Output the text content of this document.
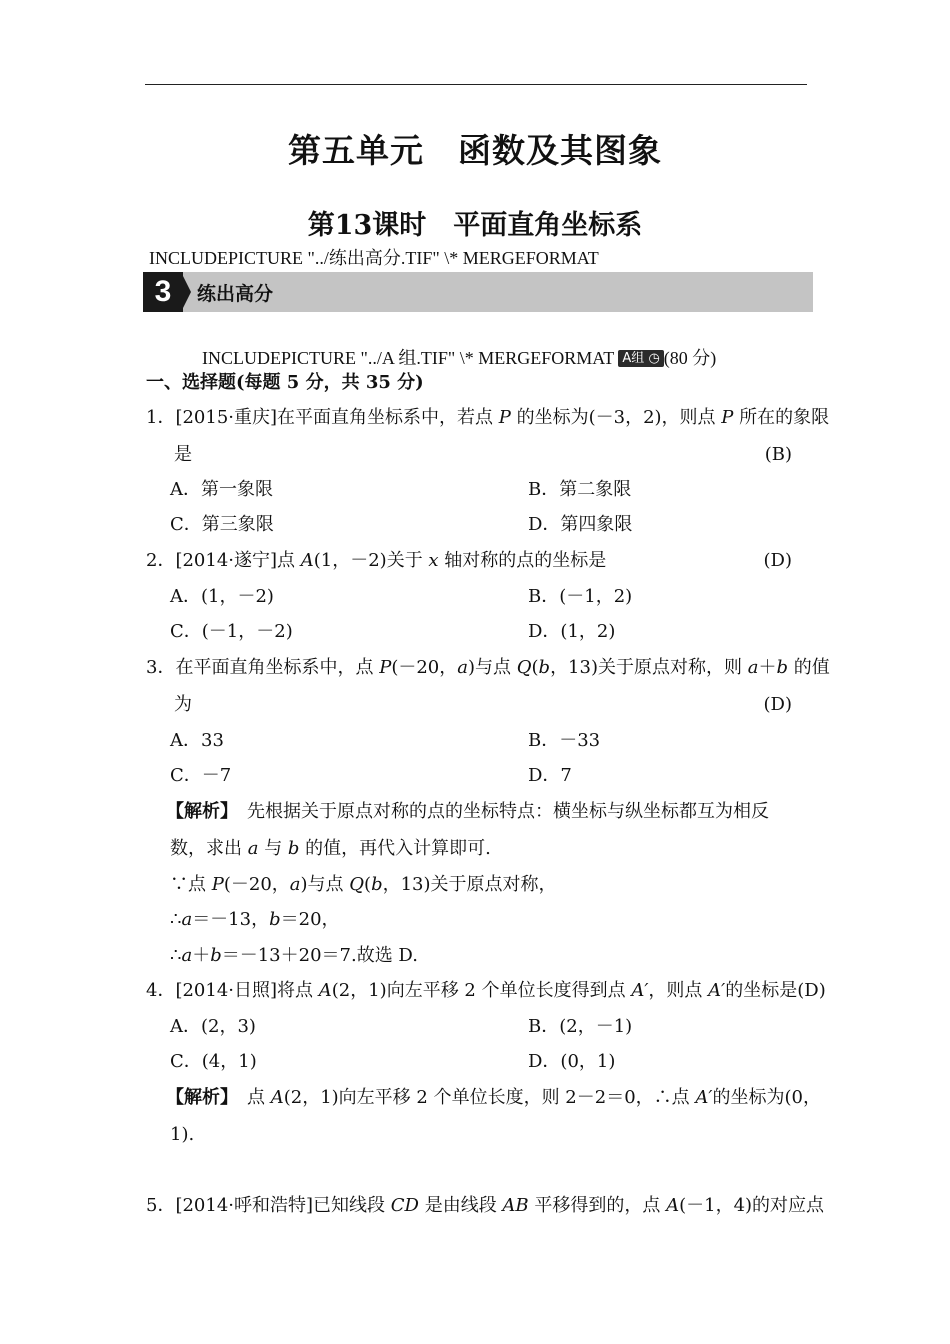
第五单元　函数及其图象
第13课时　平面直角坐标系
INCLUDEPICTURE "../练出高分.TIF" \* MERGEFORMAT
3	练出高分
INCLUDEPICTURE "../A 组.TIF" \* MERGEFORMAT A组 ◷ (80 分)
一、选择题(每题 5 分，共 35 分)
1．[2015·重庆]在平面直角坐标系中，若点 P 的坐标为(－3，2)，则点 P 所在的象限
是	(B)
A．第一象限	B．第二象限
C．第三象限	D．第四象限
2．[2014·遂宁]点 A(1，－2)关于 x 轴对称的点的坐标是	(D)
A．(1，－2)	B．(－1，2)
C．(－1，－2)	D．(1，2)
3．在平面直角坐标系中，点 P(－20，a)与点 Q(b，13)关于原点对称，则 a＋b 的值
为	(D)
A．33	B．－33
C．－7	D．7
【解析】　先根据关于原点对称的点的坐标特点：横坐标与纵坐标都互为相反
数，求出 a 与 b 的值，再代入计算即可.
∵点 P(－20，a)与点 Q(b，13)关于原点对称，
∴a＝－13，b＝20，
∴a＋b＝－13＋20＝7.故选 D.
4．[2014·日照]将点 A(2，1)向左平移 2 个单位长度得到点 A′，则点 A′的坐标是(D)
A．(2，3)	B．(2，－1)
C．(4，1)	D．(0，1)
【解析】　点 A(2，1)向左平移 2 个单位长度，则 2－2＝0，∴点 A′的坐标为(0，
1).
5．[2014·呼和浩特]已知线段 CD 是由线段 AB 平移得到的，点 A(－1，4)的对应点
